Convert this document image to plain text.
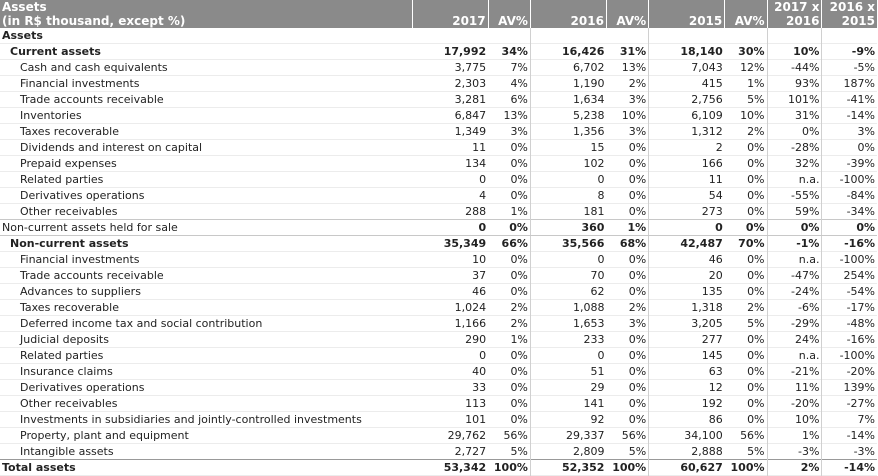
Assets							2017 x	2016 x
(in R$ thousand, except %)	2017	AV%	2016	AV%	2015	AV%	2016	2015
Assets								
Current assets	17,992	34%	16,426	31%	18,140	30%	10%	-9%
Cash and cash equivalents	3,775	7%	6,702	13%	7,043	12%	-44%	-5%
Financial investments	2,303	4%	1,190	2%	415	1%	93%	187%
Trade accounts receivable	3,281	6%	1,634	3%	2,756	5%	101%	-41%
Inventories	6,847	13%	5,238	10%	6,109	10%	31%	-14%
Taxes recoverable	1,349	3%	1,356	3%	1,312	2%	0%	3%
Dividends and interest on capital	11	0%	15	0%	2	0%	-28%	0%
Prepaid expenses	134	0%	102	0%	166	0%	32%	-39%
Related parties	0	0%	0	0%	11	0%	n.a.	-100%
Derivatives operations	4	0%	8	0%	54	0%	-55%	-84%
Other receivables	288	1%	181	0%	273	0%	59%	-34%
Non-current assets held for sale	0	0%	360	1%	0	0%	0%	0%
Non-current assets	35,349	66%	35,566	68%	42,487	70%	-1%	-16%
Financial investments	10	0%	0	0%	46	0%	n.a.	-100%
Trade accounts receivable	37	0%	70	0%	20	0%	-47%	254%
Advances to suppliers	46	0%	62	0%	135	0%	-24%	-54%
Taxes recoverable	1,024	2%	1,088	2%	1,318	2%	-6%	-17%
Deferred income tax and social contribution	1,166	2%	1,653	3%	3,205	5%	-29%	-48%
Judicial deposits	290	1%	233	0%	277	0%	24%	-16%
Related parties	0	0%	0	0%	145	0%	n.a.	-100%
Insurance claims	40	0%	51	0%	63	0%	-21%	-20%
Derivatives operations	33	0%	29	0%	12	0%	11%	139%
Other receivables	113	0%	141	0%	192	0%	-20%	-27%
Investments in subsidiaries and jointly-controlled investments	101	0%	92	0%	86	0%	10%	7%
Property, plant and equipment	29,762	56%	29,337	56%	34,100	56%	1%	-14%
Intangible assets	2,727	5%	2,809	5%	2,888	5%	-3%	-3%
Total assets	53,342	100%	52,352	100%	60,627	100%	2%	-14%
